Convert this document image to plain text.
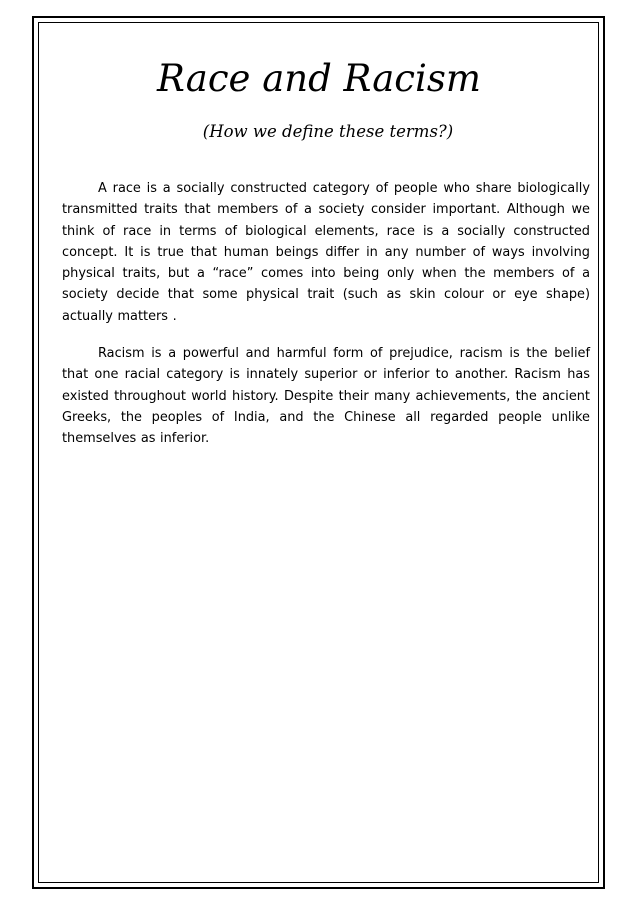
Race and Racism
(How we define these terms?)

A race is a socially constructed category of people who share biologically transmitted traits that members of a society consider important. Although we think of race in terms of biological elements, race is a socially constructed concept. It is true that human beings differ in any number of ways involving physical traits, but a “race” comes into being only when the members of a society decide that some physical trait (such as skin colour or eye shape) actually matters .

Racism is a powerful and harmful form of prejudice, racism is the belief that one racial category is innately superior or inferior to another. Racism has existed throughout world history. Despite their many achievements, the ancient Greeks, the peoples of India, and the Chinese all regarded people unlike themselves as inferior.
